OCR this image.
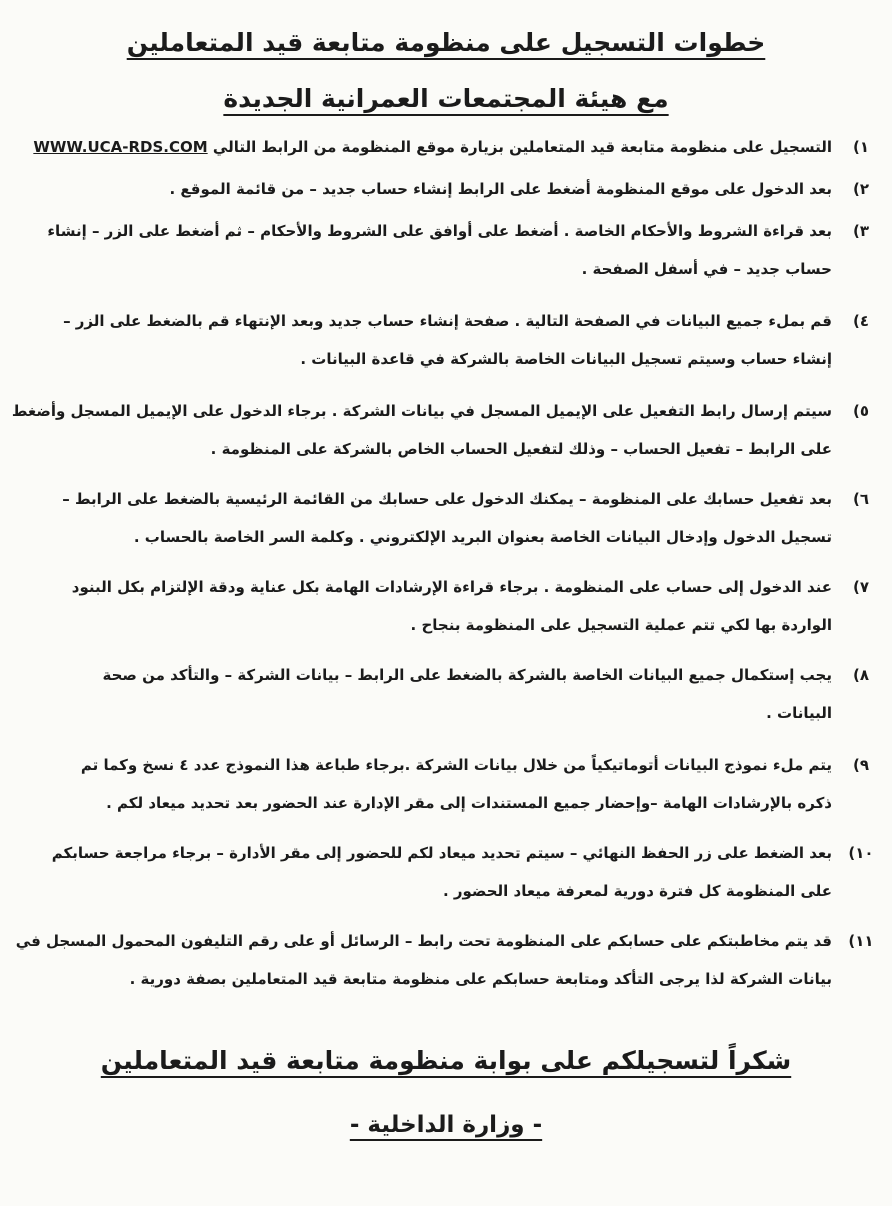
خطوات التسجيل على منظومة متابعة قيد المتعاملين
مع هيئة المجتمعات العمرانية الجديدة
١)
التسجيل على منظومة متابعة قيد المتعاملين بزيارة موقع المنظومة من الرابط التالي WWW.UCA-RDS.COM
٢)
بعد الدخول على موقع المنظومة أضغط على الرابط إنشاء حساب جديد – من قائمة الموقع .
٣)
بعد قراءة الشروط والأحكام الخاصة . أضغط على أوافق على الشروط والأحكام – ثم أضغط على الزر – إنشاء
حساب جديد – في أسفل الصفحة .
٤)
قم بملء جميع البيانات في الصفحة التالية . صفحة إنشاء حساب جديد وبعد الإنتهاء قم بالضغط على الزر –
إنشاء حساب وسيتم تسجيل البيانات الخاصة بالشركة في قاعدة البيانات .
٥)
سيتم إرسال رابط التفعيل على الإيميل المسجل في بيانات الشركة . برجاء الدخول على الإيميل المسجل وأضغط
على الرابط – تفعيل الحساب – وذلك لتفعيل الحساب الخاص بالشركة على المنظومة .
٦)
بعد تفعيل حسابك على المنظومة – يمكنك الدخول على حسابك من القائمة الرئيسية بالضغط على الرابط –
تسجيل الدخول وإدخال البيانات الخاصة بعنوان البريد الإلكتروني . وكلمة السر الخاصة بالحساب .
٧)
عند الدخول إلى حساب على المنظومة . برجاء قراءة الإرشادات الهامة بكل عناية ودقة الإلتزام بكل البنود
الواردة بها لكي تتم عملية التسجيل على المنظومة بنجاح .
٨)
يجب إستكمال جميع البيانات الخاصة بالشركة بالضغط على الرابط – بيانات الشركة – والتأكد من صحة
البيانات .
٩)
يتم ملء نموذج البيانات أتوماتيكياً من خلال بيانات الشركة .برجاء طباعة هذا النموذج عدد ٤ نسخ وكما تم
ذكره بالإرشادات الهامة –وإحضار جميع المستندات إلى مقر الإدارة عند الحضور بعد تحديد ميعاد لكم .
١٠)
بعد الضغط على زر الحفظ النهائي – سيتم تحديد ميعاد لكم للحضور إلى مقر الأدارة – برجاء مراجعة حسابكم
على المنظومة كل فترة دورية لمعرفة ميعاد الحضور .
١١)
قد يتم مخاطبتكم على حسابكم على المنظومة تحت رابط – الرسائل أو على رقم التليفون المحمول المسجل في
بيانات الشركة لذا يرجى التأكد ومتابعة حسابكم على منظومة متابعة قيد المتعاملين بصفة دورية .
شكراً لتسجيلكم على بوابة منظومة متابعة قيد المتعاملين
- وزارة الداخلية -
